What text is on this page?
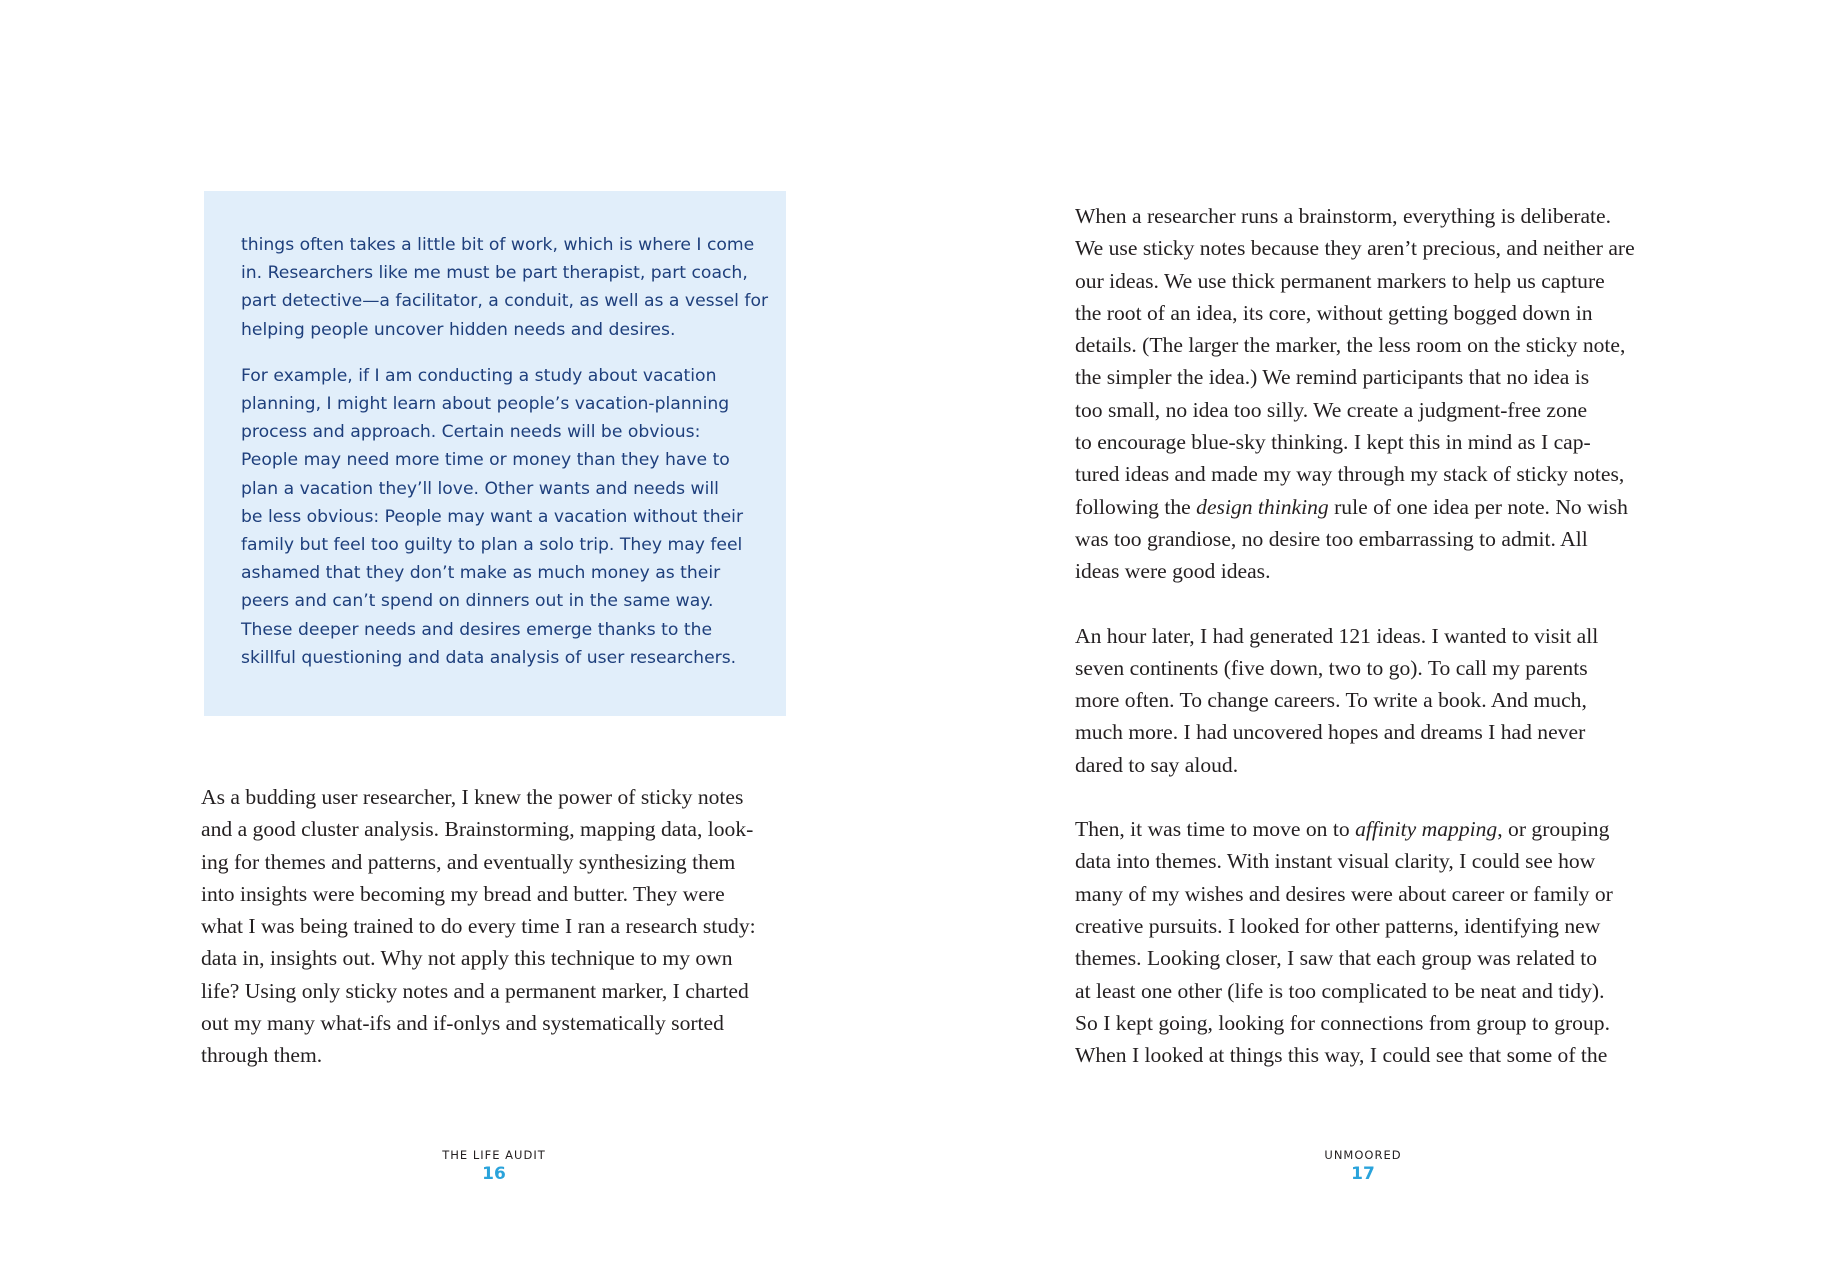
things often takes a little bit of work, which is where I come
in. Researchers like me must be part therapist, part coach,
part detective—a facilitator, a conduit, as well as a vessel for
helping people uncover hidden needs and desires.

For example, if I am conducting a study about vacation
planning, I might learn about people’s vacation-planning
process and approach. Certain needs will be obvious:
People may need more time or money than they have to
plan a vacation they’ll love. Other wants and needs will
be less obvious: People may want a vacation without their
family but feel too guilty to plan a solo trip. They may feel
ashamed that they don’t make as much money as their
peers and can’t spend on dinners out in the same way.
These deeper needs and desires emerge thanks to the
skillful questioning and data analysis of user researchers.

As a budding user researcher, I knew the power of sticky notes
and a good cluster analysis. Brainstorming, mapping data, look-
ing for themes and patterns, and eventually synthesizing them
into insights were becoming my bread and butter. They were
what I was being trained to do every time I ran a research study:
data in, insights out. Why not apply this technique to my own
life? Using only sticky notes and a permanent marker, I charted
out my many what-ifs and if-onlys and systematically sorted
through them.

THE LIFE AUDIT
16

When a researcher runs a brainstorm, everything is deliberate.
We use sticky notes because they aren’t precious, and neither are
our ideas. We use thick permanent markers to help us capture
the root of an idea, its core, without getting bogged down in
details. (The larger the marker, the less room on the sticky note,
the simpler the idea.) We remind participants that no idea is
too small, no idea too silly. We create a judgment-free zone
to encourage blue-sky thinking. I kept this in mind as I cap-
tured ideas and made my way through my stack of sticky notes,
following the design thinking rule of one idea per note. No wish
was too grandiose, no desire too embarrassing to admit. All
ideas were good ideas.

An hour later, I had generated 121 ideas. I wanted to visit all
seven continents (five down, two to go). To call my parents
more often. To change careers. To write a book. And much,
much more. I had uncovered hopes and dreams I had never
dared to say aloud.

Then, it was time to move on to affinity mapping, or grouping
data into themes. With instant visual clarity, I could see how
many of my wishes and desires were about career or family or
creative pursuits. I looked for other patterns, identifying new
themes. Looking closer, I saw that each group was related to
at least one other (life is too complicated to be neat and tidy).
So I kept going, looking for connections from group to group.
When I looked at things this way, I could see that some of the

UNMOORED
17
